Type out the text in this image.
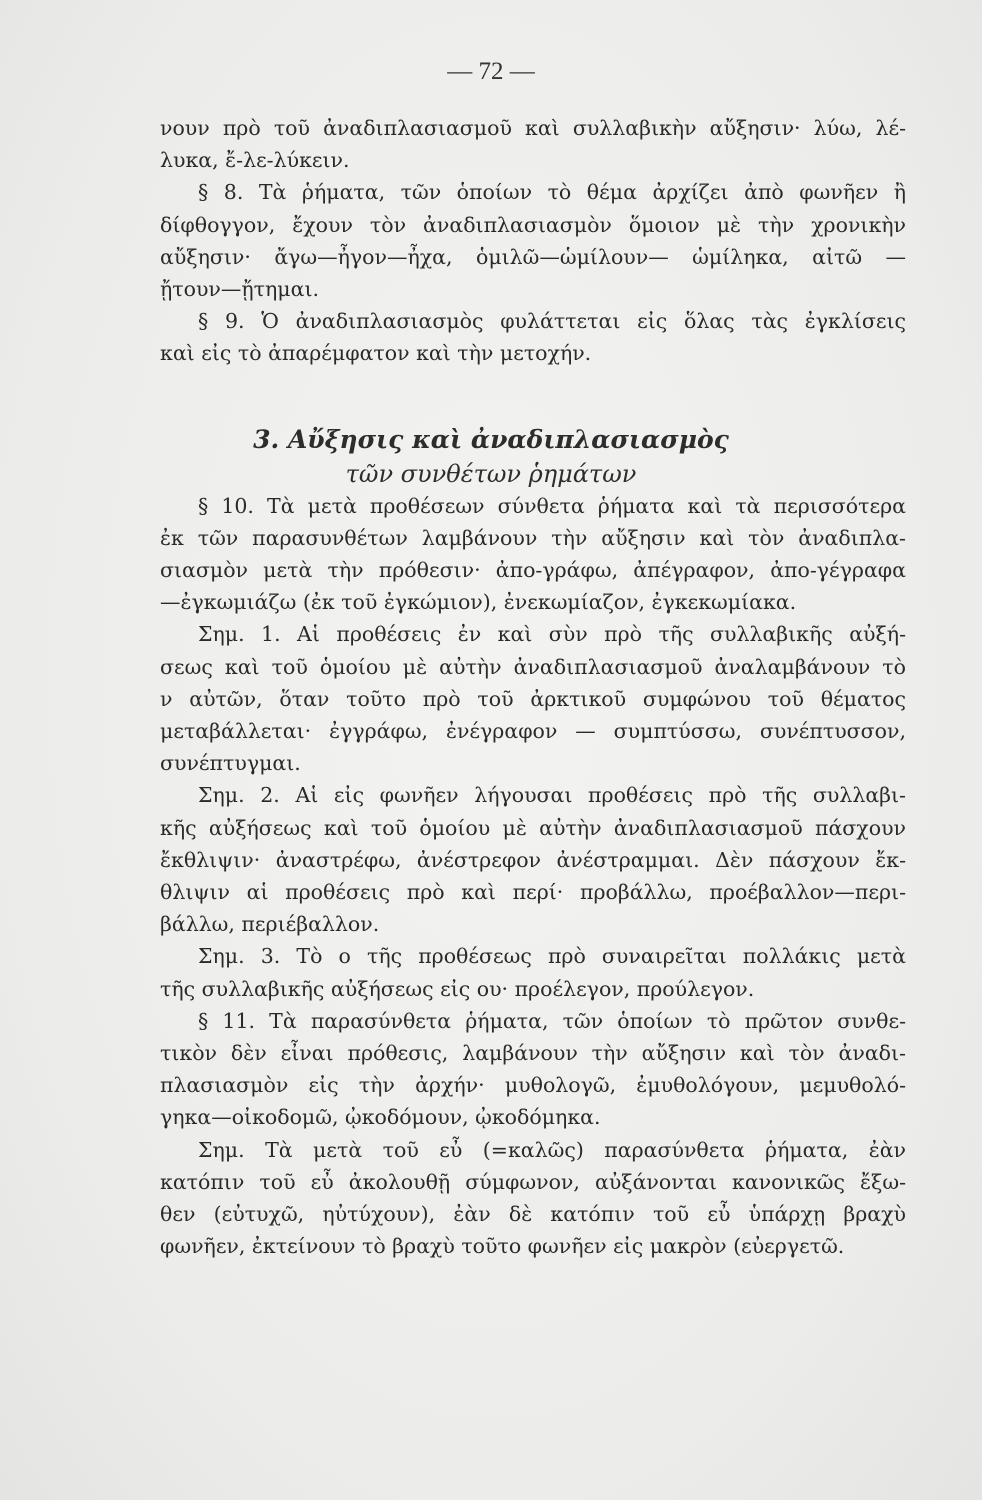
— 72 —
νουν πρὸ τοῦ ἀναδιπλασιασμοῦ καὶ συλλαβικὴν αὔξησιν· λύω, λέ-
λυκα, ἔ-λε-λύκειν.
§ 8. Τὰ ῥήματα, τῶν ὁποίων τὸ θέμα ἀρχίζει ἀπὸ φωνῆεν ἢ
δίφθογγον, ἔχουν τὸν ἀναδιπλασιασμὸν ὅμοιον μὲ τὴν χρονικὴν
αὔξησιν· ἄγω—ἦγον—ἦχα, ὁμιλῶ—ὡμίλουν— ὡμίληκα, αἰτῶ —
ᾔτουν—ᾔτημαι.
§ 9. Ὁ ἀναδιπλασιασμὸς φυλάττεται εἰς ὅλας τὰς ἐγκλίσεις
καὶ εἰς τὸ ἀπαρέμφατον καὶ τὴν μετοχήν.
§ 10. Τὰ μετὰ προθέσεων σύνθετα ῥήματα καὶ τὰ περισσότερα
ἐκ τῶν παρασυνθέτων λαμβάνουν τὴν αὔξησιν καὶ τὸν ἀναδιπλα-
σιασμὸν μετὰ τὴν πρόθεσιν· ἀπο-γράφω, ἀπέγραφον, ἀπο-γέγραφα
—ἐγκωμιάζω (ἐκ τοῦ ἐγκώμιον), ἐνεκωμίαζον, ἐγκεκωμίακα.
Σημ. 1. Αἱ προθέσεις ἐν καὶ σὺν πρὸ τῆς συλλαβικῆς αὐξή-
σεως καὶ τοῦ ὁμοίου μὲ αὐτὴν ἀναδιπλασιασμοῦ ἀναλαμβάνουν τὸ
ν αὐτῶν, ὅταν τοῦτο πρὸ τοῦ ἀρκτικοῦ συμφώνου τοῦ θέματος
μεταβάλλεται· ἐγγράφω, ἐνέγραφον — συμπτύσσω, συνέπτυσσον,
συνέπτυγμαι.
Σημ. 2. Αἱ εἰς φωνῆεν λήγουσαι προθέσεις πρὸ τῆς συλλαβι-
κῆς αὐξήσεως καὶ τοῦ ὁμοίου μὲ αὐτὴν ἀναδιπλασιασμοῦ πάσχουν
ἔκθλιψιν· ἀναστρέφω, ἀνέστρεφον ἀνέστραμμαι. Δὲν πάσχουν ἔκ-
θλιψιν αἱ προθέσεις πρὸ καὶ περί· προβάλλω, προέβαλλον—περι-
βάλλω, περιέβαλλον.
Σημ. 3. Τὸ ο τῆς προθέσεως πρὸ συναιρεῖται πολλάκις μετὰ
τῆς συλλαβικῆς αὐξήσεως εἰς ου· προέλεγον, προύλεγον.
§ 11. Τὰ παρασύνθετα ῥήματα, τῶν ὁποίων τὸ πρῶτον συνθε-
τικὸν δὲν εἶναι πρόθεσις, λαμβάνουν τὴν αὔξησιν καὶ τὸν ἀναδι-
πλασιασμὸν εἰς τὴν ἀρχήν· μυθολογῶ, ἐμυθολόγουν, μεμυθολό-
γηκα—οἰκοδομῶ, ᾠκοδόμουν, ᾠκοδόμηκα.
Σημ. Τὰ μετὰ τοῦ εὖ (=καλῶς) παρασύνθετα ῥήματα, ἐὰν
κατόπιν τοῦ εὖ ἀκολουθῇ σύμφωνον, αὐξάνονται κανονικῶς ἔξω-
θεν (εὐτυχῶ, ηὐτύχουν), ἐὰν δὲ κατόπιν τοῦ εὖ ὑπάρχῃ βραχὺ
φωνῆεν, ἐκτείνουν τὸ βραχὺ τοῦτο φωνῆεν εἰς μακρὸν (εὐεργετῶ.
3. Αὔξησις καὶ ἀναδιπλασιασμὸς
τῶν συνθέτων ῥημάτων
